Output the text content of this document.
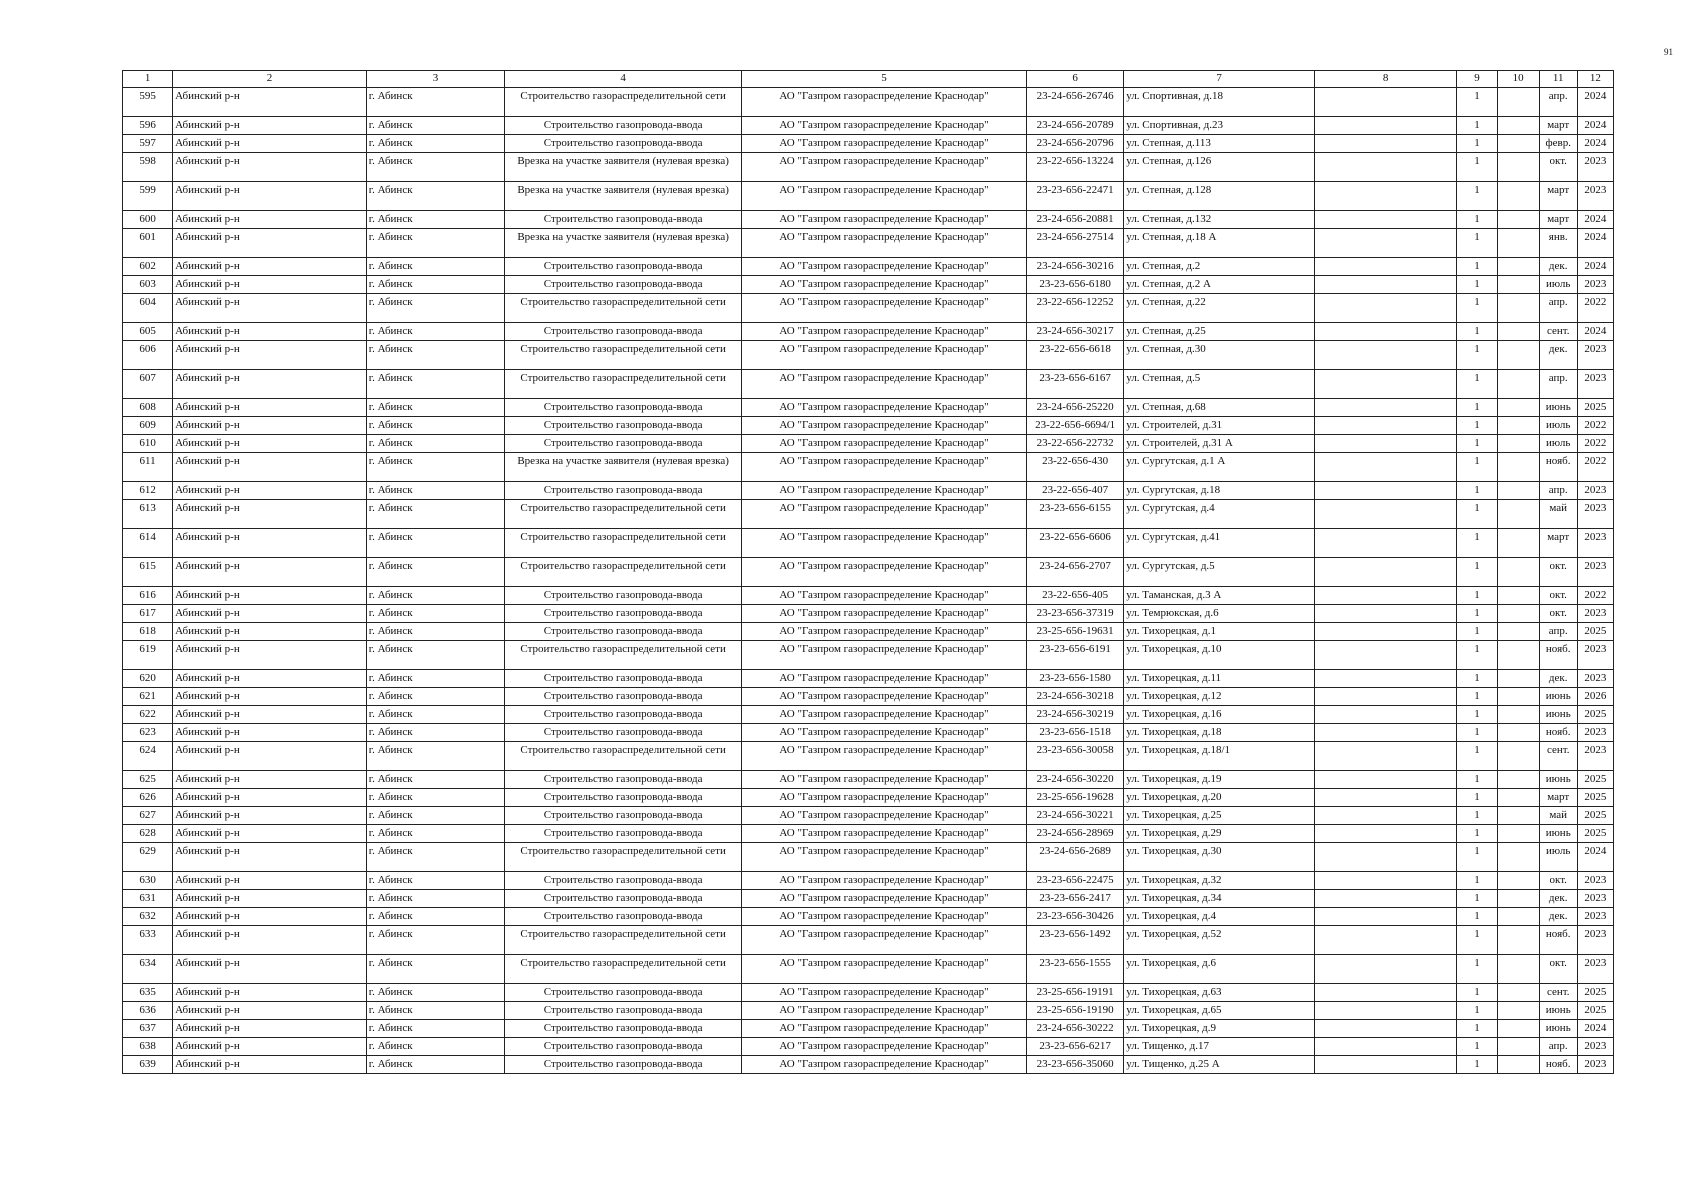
91
1	2	3	4	5	6	7	8	9	10	11	12
595	Абинский р-н	г. Абинск	Строительство газораспределительной сети	АО "Газпром газораспределение Краснодар"	23-24-656-26746	ул. Спортивная, д.18		1		апр.	2024
596	Абинский р-н	г. Абинск	Строительство газопровода-ввода	АО "Газпром газораспределение Краснодар"	23-24-656-20789	ул. Спортивная, д.23		1		март	2024
597	Абинский р-н	г. Абинск	Строительство газопровода-ввода	АО "Газпром газораспределение Краснодар"	23-24-656-20796	ул. Степная, д.113		1		февр.	2024
598	Абинский р-н	г. Абинск	Врезка на участке заявителя (нулевая врезка)	АО "Газпром газораспределение Краснодар"	23-22-656-13224	ул. Степная, д.126		1		окт.	2023
599	Абинский р-н	г. Абинск	Врезка на участке заявителя (нулевая врезка)	АО "Газпром газораспределение Краснодар"	23-23-656-22471	ул. Степная, д.128		1		март	2023
600	Абинский р-н	г. Абинск	Строительство газопровода-ввода	АО "Газпром газораспределение Краснодар"	23-24-656-20881	ул. Степная, д.132		1		март	2024
601	Абинский р-н	г. Абинск	Врезка на участке заявителя (нулевая врезка)	АО "Газпром газораспределение Краснодар"	23-24-656-27514	ул. Степная, д.18 А		1		янв.	2024
602	Абинский р-н	г. Абинск	Строительство газопровода-ввода	АО "Газпром газораспределение Краснодар"	23-24-656-30216	ул. Степная, д.2		1		дек.	2024
603	Абинский р-н	г. Абинск	Строительство газопровода-ввода	АО "Газпром газораспределение Краснодар"	23-23-656-6180	ул. Степная, д.2 А		1		июль	2023
604	Абинский р-н	г. Абинск	Строительство газораспределительной сети	АО "Газпром газораспределение Краснодар"	23-22-656-12252	ул. Степная, д.22		1		апр.	2022
605	Абинский р-н	г. Абинск	Строительство газопровода-ввода	АО "Газпром газораспределение Краснодар"	23-24-656-30217	ул. Степная, д.25		1		сент.	2024
606	Абинский р-н	г. Абинск	Строительство газораспределительной сети	АО "Газпром газораспределение Краснодар"	23-22-656-6618	ул. Степная, д.30		1		дек.	2023
607	Абинский р-н	г. Абинск	Строительство газораспределительной сети	АО "Газпром газораспределение Краснодар"	23-23-656-6167	ул. Степная, д.5		1		апр.	2023
608	Абинский р-н	г. Абинск	Строительство газопровода-ввода	АО "Газпром газораспределение Краснодар"	23-24-656-25220	ул. Степная, д.68		1		июнь	2025
609	Абинский р-н	г. Абинск	Строительство газопровода-ввода	АО "Газпром газораспределение Краснодар"	23-22-656-6694/1	ул. Строителей, д.31		1		июль	2022
610	Абинский р-н	г. Абинск	Строительство газопровода-ввода	АО "Газпром газораспределение Краснодар"	23-22-656-22732	ул. Строителей, д.31 А		1		июль	2022
611	Абинский р-н	г. Абинск	Врезка на участке заявителя (нулевая врезка)	АО "Газпром газораспределение Краснодар"	23-22-656-430	ул. Сургутская, д.1 А		1		нояб.	2022
612	Абинский р-н	г. Абинск	Строительство газопровода-ввода	АО "Газпром газораспределение Краснодар"	23-22-656-407	ул. Сургутская, д.18		1		апр.	2023
613	Абинский р-н	г. Абинск	Строительство газораспределительной сети	АО "Газпром газораспределение Краснодар"	23-23-656-6155	ул. Сургутская, д.4		1		май	2023
614	Абинский р-н	г. Абинск	Строительство газораспределительной сети	АО "Газпром газораспределение Краснодар"	23-22-656-6606	ул. Сургутская, д.41		1		март	2023
615	Абинский р-н	г. Абинск	Строительство газораспределительной сети	АО "Газпром газораспределение Краснодар"	23-24-656-2707	ул. Сургутская, д.5		1		окт.	2023
616	Абинский р-н	г. Абинск	Строительство газопровода-ввода	АО "Газпром газораспределение Краснодар"	23-22-656-405	ул. Таманская, д.3 А		1		окт.	2022
617	Абинский р-н	г. Абинск	Строительство газопровода-ввода	АО "Газпром газораспределение Краснодар"	23-23-656-37319	ул. Темрюкская, д.6		1		окт.	2023
618	Абинский р-н	г. Абинск	Строительство газопровода-ввода	АО "Газпром газораспределение Краснодар"	23-25-656-19631	ул. Тихорецкая, д.1		1		апр.	2025
619	Абинский р-н	г. Абинск	Строительство газораспределительной сети	АО "Газпром газораспределение Краснодар"	23-23-656-6191	ул. Тихорецкая, д.10		1		нояб.	2023
620	Абинский р-н	г. Абинск	Строительство газопровода-ввода	АО "Газпром газораспределение Краснодар"	23-23-656-1580	ул. Тихорецкая, д.11		1		дек.	2023
621	Абинский р-н	г. Абинск	Строительство газопровода-ввода	АО "Газпром газораспределение Краснодар"	23-24-656-30218	ул. Тихорецкая, д.12		1		июнь	2026
622	Абинский р-н	г. Абинск	Строительство газопровода-ввода	АО "Газпром газораспределение Краснодар"	23-24-656-30219	ул. Тихорецкая, д.16		1		июнь	2025
623	Абинский р-н	г. Абинск	Строительство газопровода-ввода	АО "Газпром газораспределение Краснодар"	23-23-656-1518	ул. Тихорецкая, д.18		1		нояб.	2023
624	Абинский р-н	г. Абинск	Строительство газораспределительной сети	АО "Газпром газораспределение Краснодар"	23-23-656-30058	ул. Тихорецкая, д.18/1		1		сент.	2023
625	Абинский р-н	г. Абинск	Строительство газопровода-ввода	АО "Газпром газораспределение Краснодар"	23-24-656-30220	ул. Тихорецкая, д.19		1		июнь	2025
626	Абинский р-н	г. Абинск	Строительство газопровода-ввода	АО "Газпром газораспределение Краснодар"	23-25-656-19628	ул. Тихорецкая, д.20		1		март	2025
627	Абинский р-н	г. Абинск	Строительство газопровода-ввода	АО "Газпром газораспределение Краснодар"	23-24-656-30221	ул. Тихорецкая, д.25		1		май	2025
628	Абинский р-н	г. Абинск	Строительство газопровода-ввода	АО "Газпром газораспределение Краснодар"	23-24-656-28969	ул. Тихорецкая, д.29		1		июнь	2025
629	Абинский р-н	г. Абинск	Строительство газораспределительной сети	АО "Газпром газораспределение Краснодар"	23-24-656-2689	ул. Тихорецкая, д.30		1		июль	2024
630	Абинский р-н	г. Абинск	Строительство газопровода-ввода	АО "Газпром газораспределение Краснодар"	23-23-656-22475	ул. Тихорецкая, д.32		1		окт.	2023
631	Абинский р-н	г. Абинск	Строительство газопровода-ввода	АО "Газпром газораспределение Краснодар"	23-23-656-2417	ул. Тихорецкая, д.34		1		дек.	2023
632	Абинский р-н	г. Абинск	Строительство газопровода-ввода	АО "Газпром газораспределение Краснодар"	23-23-656-30426	ул. Тихорецкая, д.4		1		дек.	2023
633	Абинский р-н	г. Абинск	Строительство газораспределительной сети	АО "Газпром газораспределение Краснодар"	23-23-656-1492	ул. Тихорецкая, д.52		1		нояб.	2023
634	Абинский р-н	г. Абинск	Строительство газораспределительной сети	АО "Газпром газораспределение Краснодар"	23-23-656-1555	ул. Тихорецкая, д.6		1		окт.	2023
635	Абинский р-н	г. Абинск	Строительство газопровода-ввода	АО "Газпром газораспределение Краснодар"	23-25-656-19191	ул. Тихорецкая, д.63		1		сент.	2025
636	Абинский р-н	г. Абинск	Строительство газопровода-ввода	АО "Газпром газораспределение Краснодар"	23-25-656-19190	ул. Тихорецкая, д.65		1		июнь	2025
637	Абинский р-н	г. Абинск	Строительство газопровода-ввода	АО "Газпром газораспределение Краснодар"	23-24-656-30222	ул. Тихорецкая, д.9		1		июнь	2024
638	Абинский р-н	г. Абинск	Строительство газопровода-ввода	АО "Газпром газораспределение Краснодар"	23-23-656-6217	ул. Тищенко, д.17		1		апр.	2023
639	Абинский р-н	г. Абинск	Строительство газопровода-ввода	АО "Газпром газораспределение Краснодар"	23-23-656-35060	ул. Тищенко, д.25 А		1		нояб.	2023
